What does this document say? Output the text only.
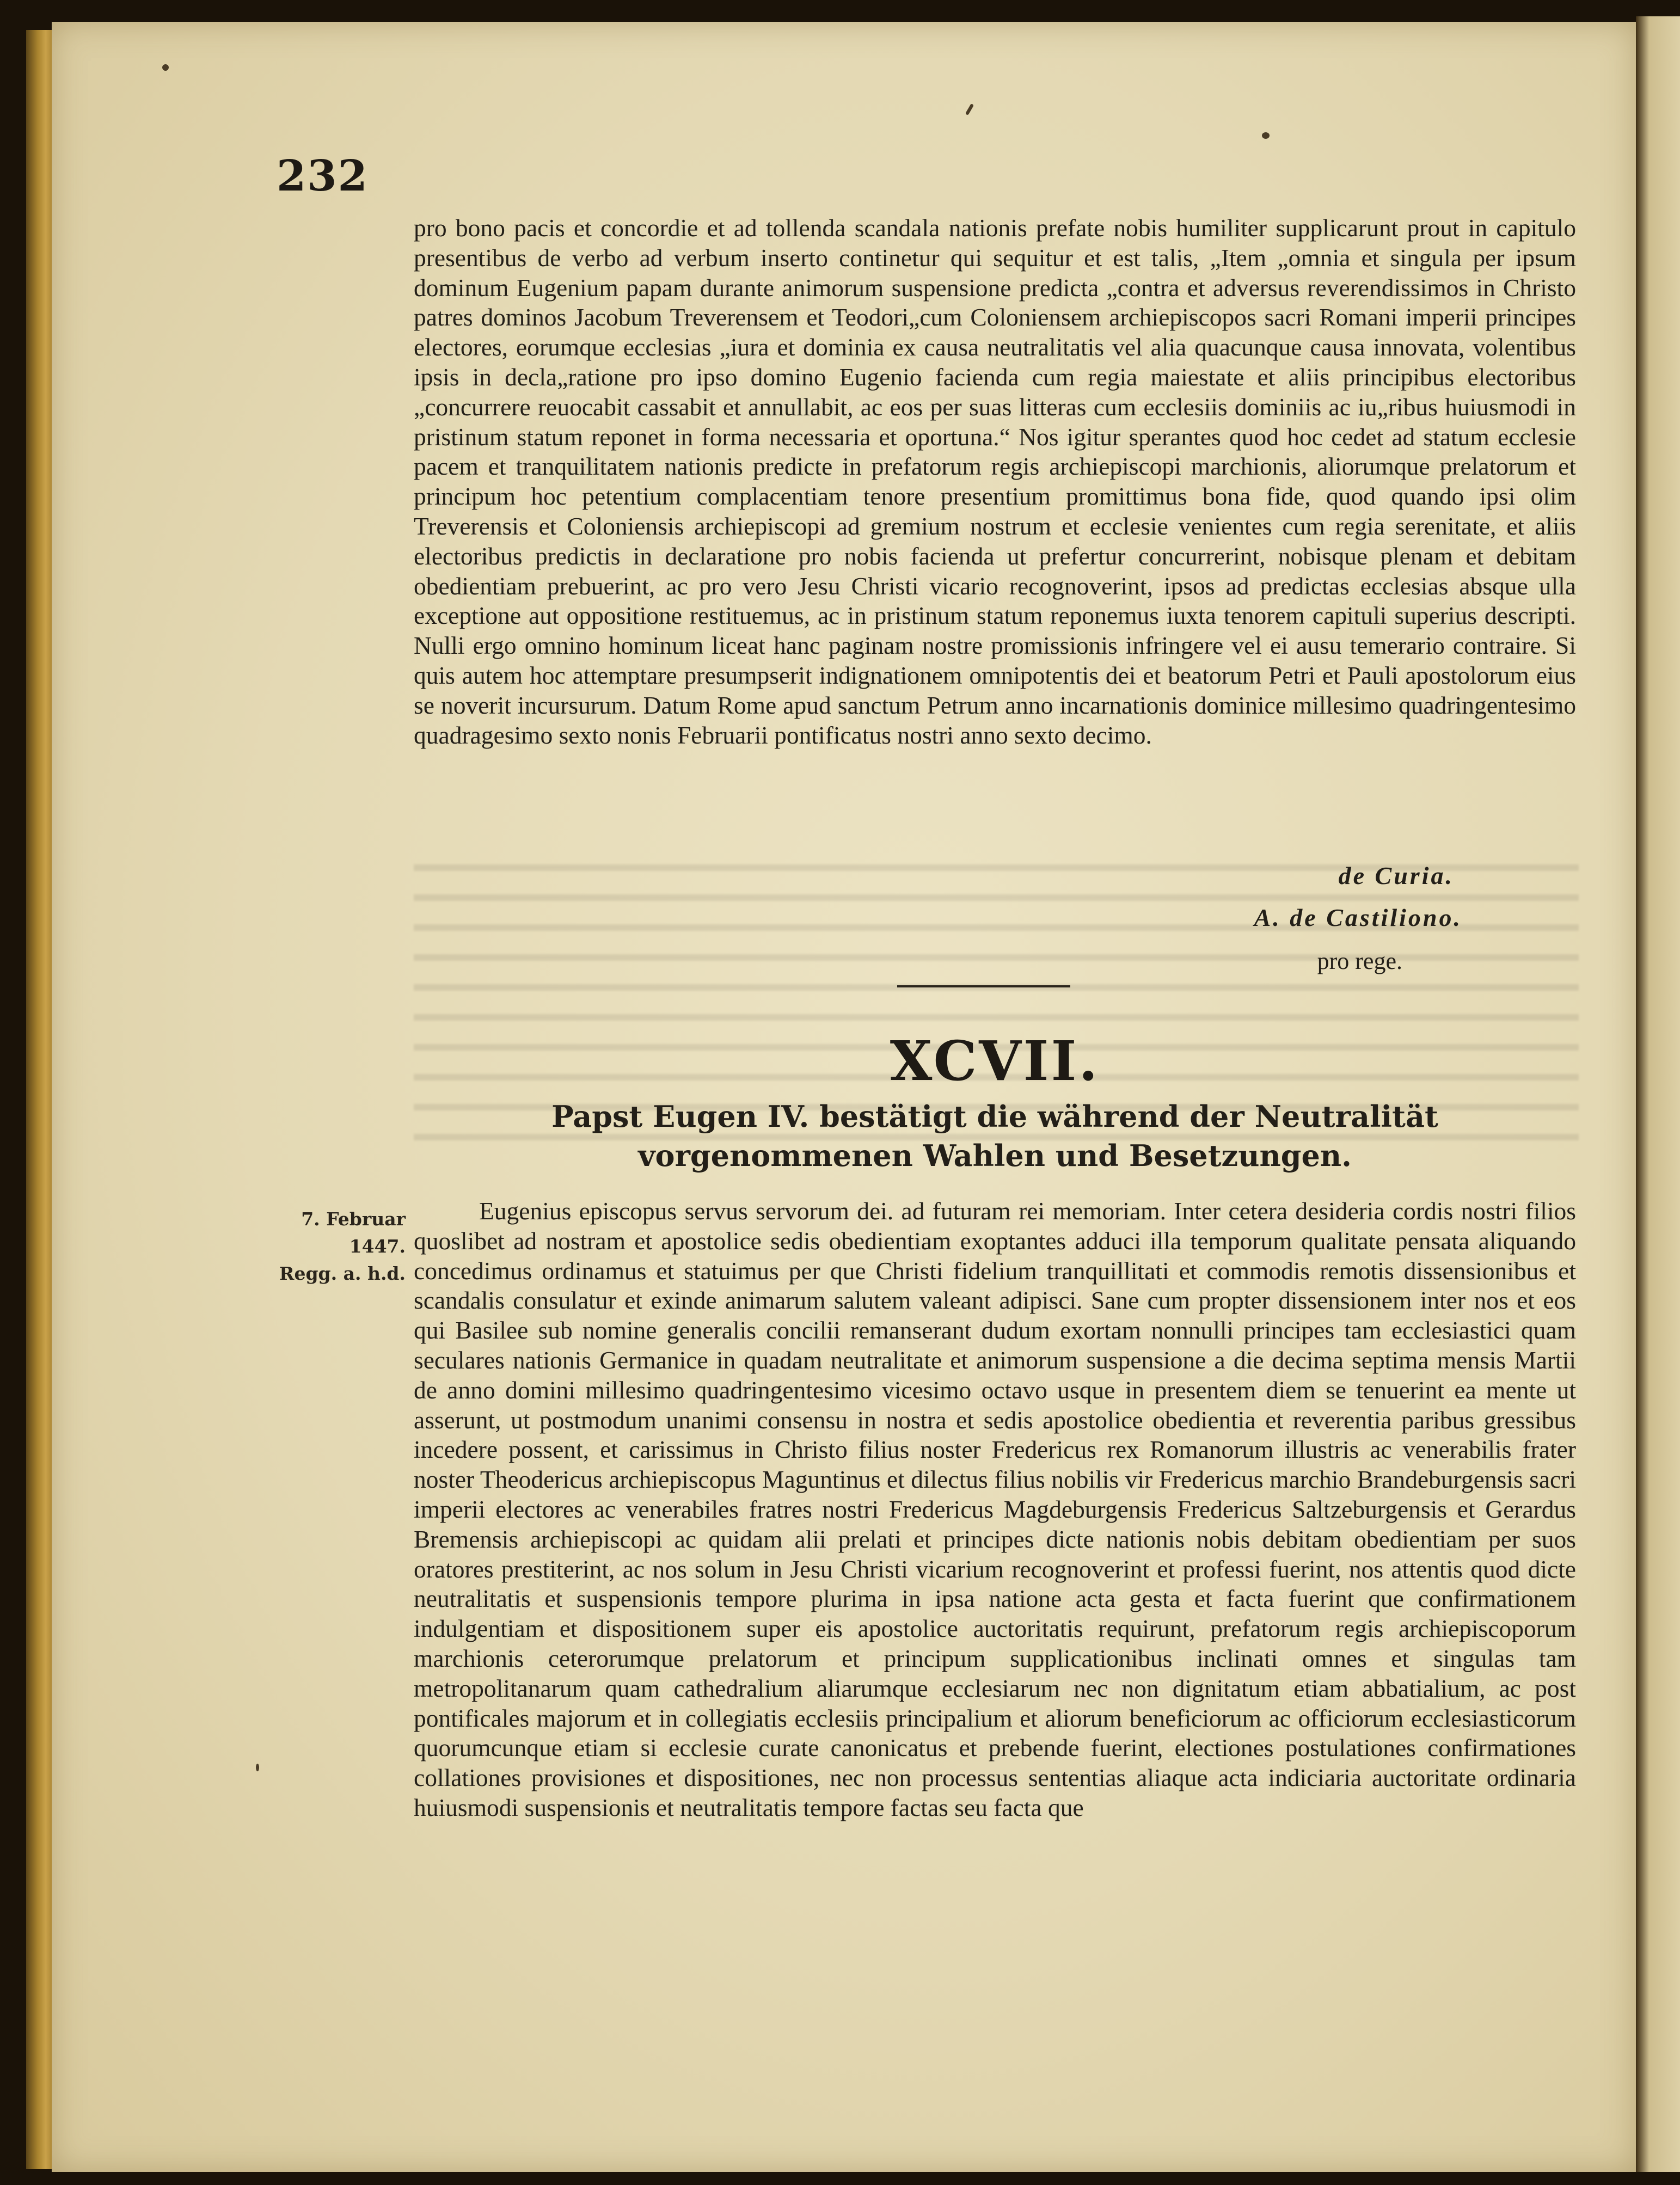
232

pro bono pacis et concordie et ad tollenda scandala nationis prefate nobis humiliter supplicarunt prout in capitulo presentibus de verbo ad verbum inserto continetur qui sequitur et est talis, „Item „omnia et singula per ipsum dominum Eugenium papam durante animorum suspensione predicta „contra et adversus reverendissimos in Christo patres dominos Jacobum Treverensem et Teodori„cum Coloniensem archiepiscopos sacri Romani imperii principes electores, eorumque ecclesias „iura et dominia ex causa neutralitatis vel alia quacunque causa innovata, volentibus ipsis in decla„ratione pro ipso domino Eugenio facienda cum regia maiestate et aliis principibus electoribus „concurrere reuocabit cassabit et annullabit, ac eos per suas litteras cum ecclesiis dominiis ac iu„ribus huiusmodi in pristinum statum reponet in forma necessaria et oportuna.“ Nos igitur sperantes quod hoc cedet ad statum ecclesie pacem et tranquilitatem nationis predicte in prefatorum regis archiepiscopi marchionis, aliorumque prelatorum et principum hoc petentium complacentiam tenore presentium promittimus bona fide, quod quando ipsi olim Treverensis et Coloniensis archiepiscopi ad gremium nostrum et ecclesie venientes cum regia serenitate, et aliis electoribus predictis in declaratione pro nobis facienda ut prefertur concurrerint, nobisque plenam et debitam obedientiam prebuerint, ac pro vero Jesu Christi vicario recognoverint, ipsos ad predictas ecclesias absque ulla exceptione aut oppositione restituemus, ac in pristinum statum reponemus iuxta tenorem capituli superius descripti. Nulli ergo omnino hominum liceat hanc paginam nostre promissionis infringere vel ei ausu temerario contraire. Si quis autem hoc attemptare presumpserit indignationem omnipotentis dei et beatorum Petri et Pauli apostolorum eius se noverit incursurum. Datum Rome apud sanctum Petrum anno incarnationis dominice millesimo quadringentesimo quadragesimo sexto nonis Februarii pontificatus nostri anno sexto decimo.

de Curia.
A. de Castiliono.
pro rege.
XCVII.
Papst Eugen IV. bestätigt die während der Neutralität vorgenommenen Wahlen und Besetzungen.
7. Februar
1447.
Regg. a. h.d.

Eugenius episcopus servus servorum dei. ad futuram rei memoriam. Inter cetera desideria cordis nostri filios quoslibet ad nostram et apostolice sedis obedientiam exoptantes adduci illa temporum qualitate pensata aliquando concedimus ordinamus et statuimus per que Christi fidelium tranquillitati et commodis remotis dissensionibus et scandalis consulatur et exinde animarum salutem valeant adipisci. Sane cum propter dissensionem inter nos et eos qui Basilee sub nomine generalis concilii remanserant dudum exortam nonnulli principes tam ecclesiastici quam seculares nationis Germanice in quadam neutralitate et animorum suspensione a die decima septima mensis Martii de anno domini millesimo quadringentesimo vicesimo octavo usque in presentem diem se tenuerint ea mente ut asserunt, ut postmodum unanimi consensu in nostra et sedis apostolice obedientia et reverentia paribus gressibus incedere possent, et carissimus in Christo filius noster Fredericus rex Romanorum illustris ac venerabilis frater noster Theodericus archiepiscopus Maguntinus et dilectus filius nobilis vir Fredericus marchio Brandeburgensis sacri imperii electores ac venerabiles fratres nostri Fredericus Magdeburgensis Fredericus Saltzeburgensis et Gerardus Bremensis archiepiscopi ac quidam alii prelati et principes dicte nationis nobis debitam obedientiam per suos oratores prestiterint, ac nos solum in Jesu Christi vicarium recognoverint et professi fuerint, nos attentis quod dicte neutralitatis et suspensionis tempore plurima in ipsa natione acta gesta et facta fuerint que confirmationem indulgentiam et dispositionem super eis apostolice auctoritatis requirunt, prefatorum regis archiepiscoporum marchionis ceterorumque prelatorum et principum supplicationibus inclinati omnes et singulas tam metropolitanarum quam cathedralium aliarumque ecclesiarum nec non dignitatum etiam abbatialium, ac post pontificales majorum et in collegiatis ecclesiis principalium et aliorum beneficiorum ac officiorum ecclesiasticorum quorumcunque etiam si ecclesie curate canonicatus et prebende fuerint, electiones postulationes confirmationes collationes provisiones et dispositiones, nec non processus sententias aliaque acta indiciaria auctoritate ordinaria huiusmodi suspensionis et neutralitatis tempore factas seu facta que
